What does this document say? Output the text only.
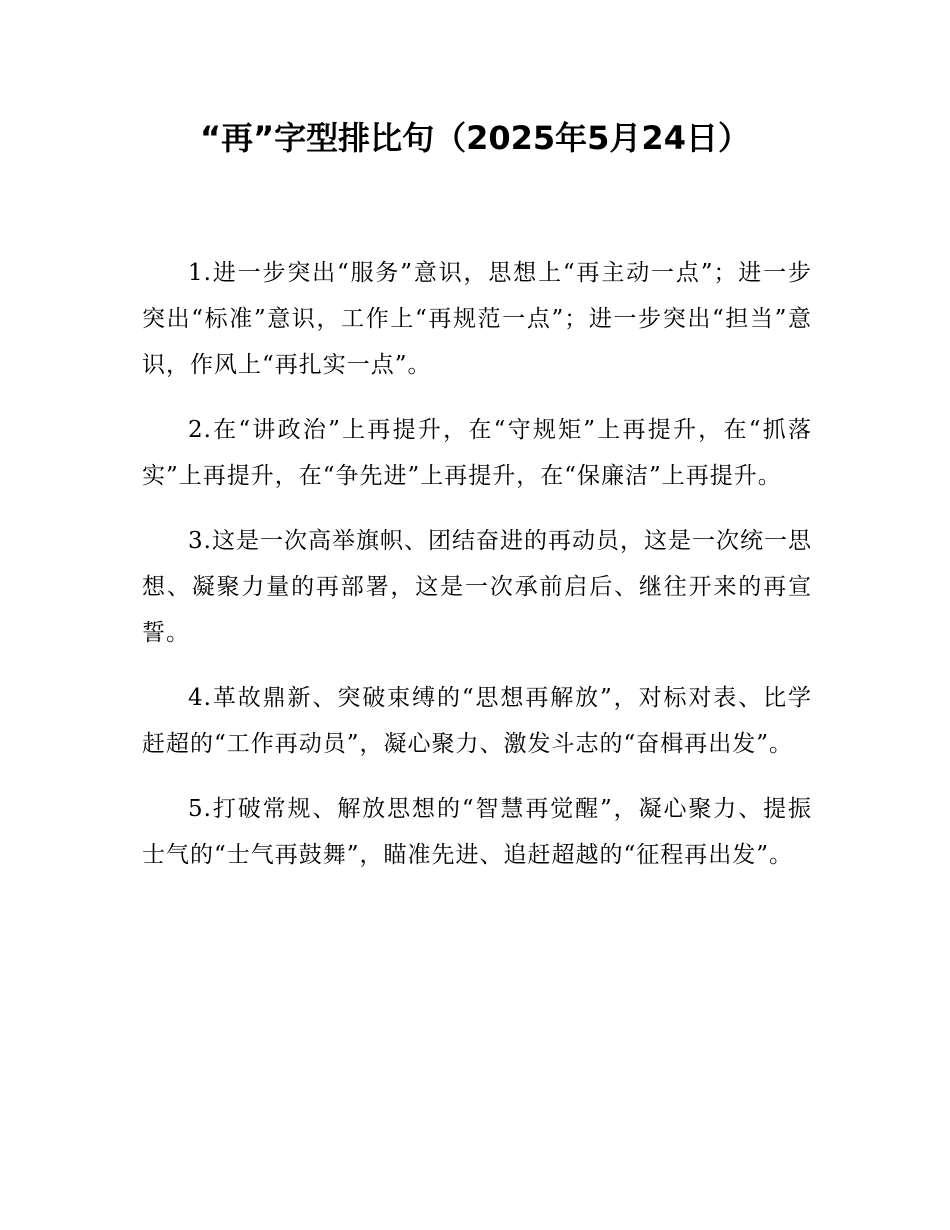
“再”字型排比句（2025年5月24日）

1.进一步突出“服务”意识，思想上“再主动一点”；进一步突出“标准”意识，工作上“再规范一点”；进一步突出“担当”意识，作风上“再扎实一点”。

2.在“讲政治”上再提升，在“守规矩”上再提升，在“抓落实”上再提升，在“争先进”上再提升，在“保廉洁”上再提升。

3.这是一次高举旗帜、团结奋进的再动员，这是一次统一思想、凝聚力量的再部署，这是一次承前启后、继往开来的再宣誓。

4.革故鼎新、突破束缚的“思想再解放”，对标对表、比学赶超的“工作再动员”，凝心聚力、激发斗志的“奋楫再出发”。

5.打破常规、解放思想的“智慧再觉醒”，凝心聚力、提振士气的“士气再鼓舞”，瞄准先进、追赶超越的“征程再出发”。
